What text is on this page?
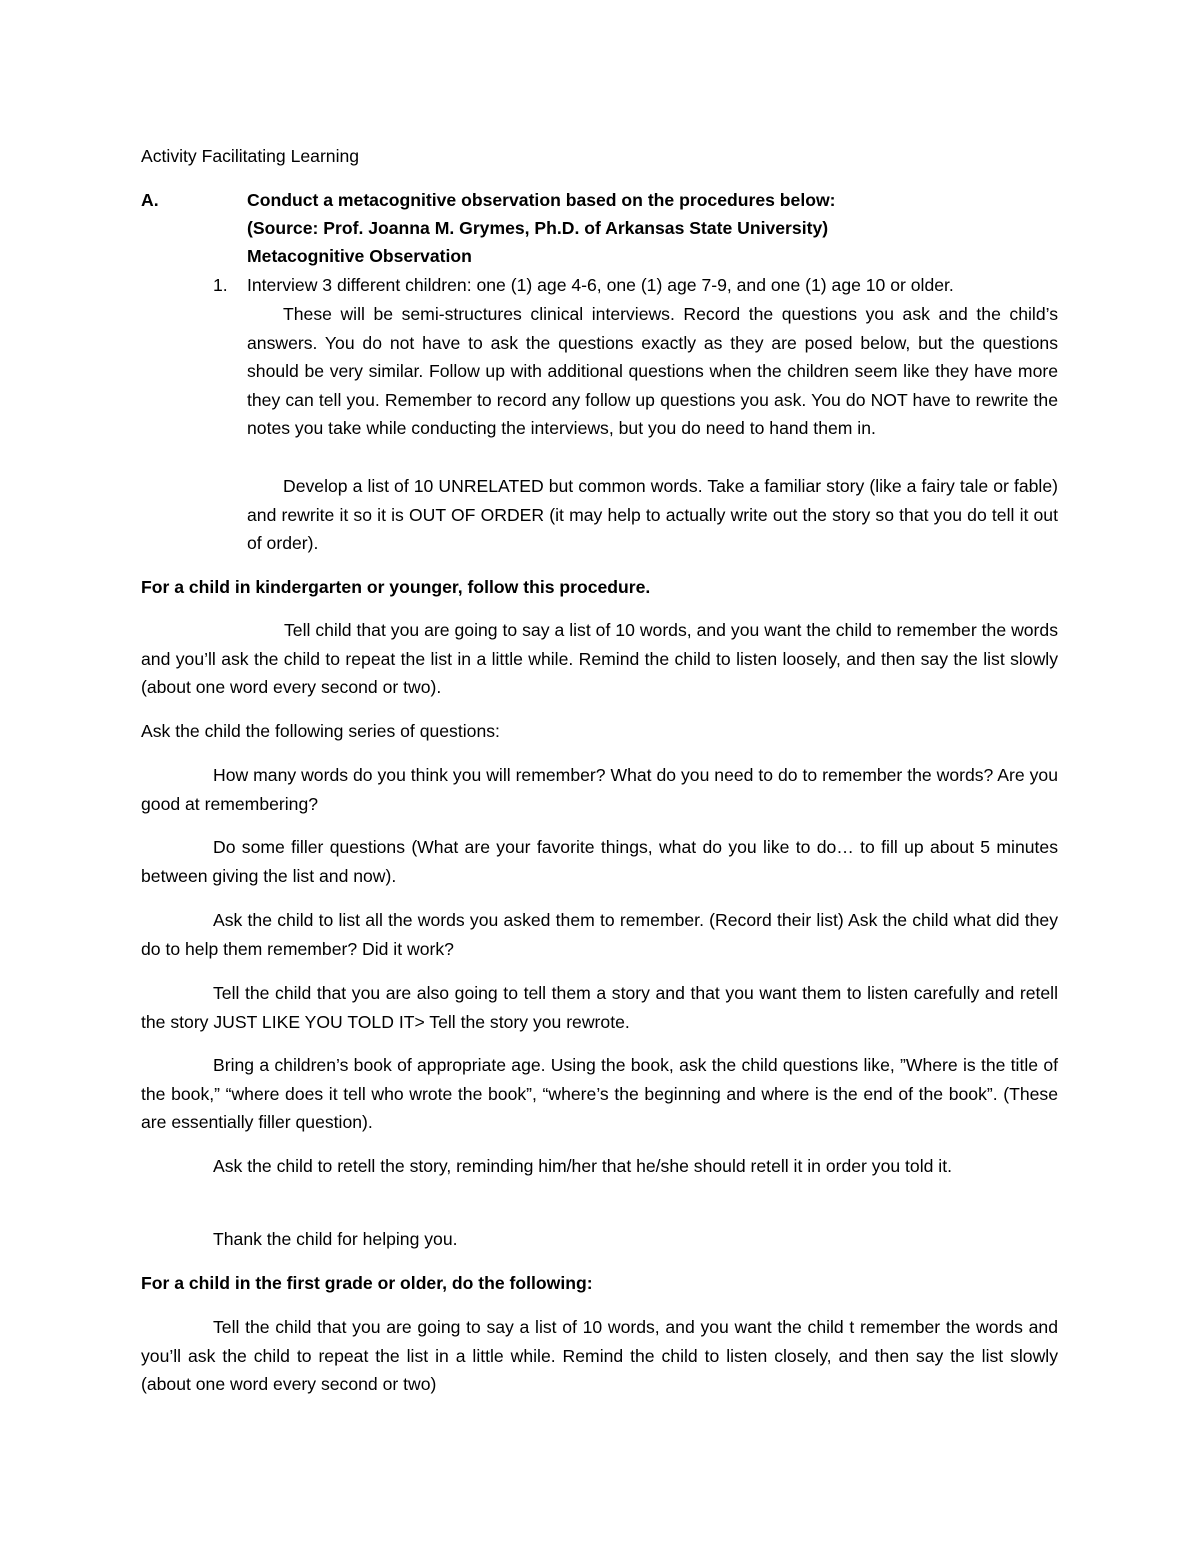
Activity Facilitating Learning

A.	Conduct a metacognitive observation based on the procedures below:

(Source: Prof. Joanna M. Grymes, Ph.D. of Arkansas State University)

Metacognitive Observation

1. Interview 3 different children: one (1) age 4-6, one (1) age 7-9, and one (1) age 10 or older.

These will be semi-structures clinical interviews. Record the questions you ask and the child’s answers. You do not have to ask the questions exactly as they are posed below, but the questions should be very similar. Follow up with additional questions when the children seem like they have more they can tell you. Remember to record any follow up questions you ask. You do NOT have to rewrite the notes you take while conducting the interviews, but you do need to hand them in.

Develop a list of 10 UNRELATED but common words. Take a familiar story (like a fairy tale or fable) and rewrite it so it is OUT OF ORDER (it may help to actually write out the story so that you do tell it out of order).

For a child in kindergarten or younger, follow this procedure.

Tell child that you are going to say a list of 10 words, and you want the child to remember the words and you’ll ask the child to repeat the list in a little while. Remind the child to listen loosely, and then say the list slowly (about one word every second or two).

Ask the child the following series of questions:

How many words do you think you will remember? What do you need to do to remember the words? Are you good at remembering?

Do some filler questions (What are your favorite things, what do you like to do… to fill up about 5 minutes between giving the list and now).

Ask the child to list all the words you asked them to remember. (Record their list) Ask the child what did they do to help them remember? Did it work?

Tell the child that you are also going to tell them a story and that you want them to listen carefully and retell the story JUST LIKE YOU TOLD IT> Tell the story you rewrote.

Bring a children’s book of appropriate age. Using the book, ask the child questions like, ”Where is the title of the book,” “where does it tell who wrote the book”, “where’s the beginning and where is the end of the book”. (These are essentially filler question).

Ask the child to retell the story, reminding him/her that he/she should retell it in order you told it.

Thank the child for helping you.

For a child in the first grade or older, do the following:

Tell the child that you are going to say a list of 10 words, and you want the child t remember the words and you’ll ask the child to repeat the list in a little while. Remind the child to listen closely, and then say the list slowly (about one word every second or two)
